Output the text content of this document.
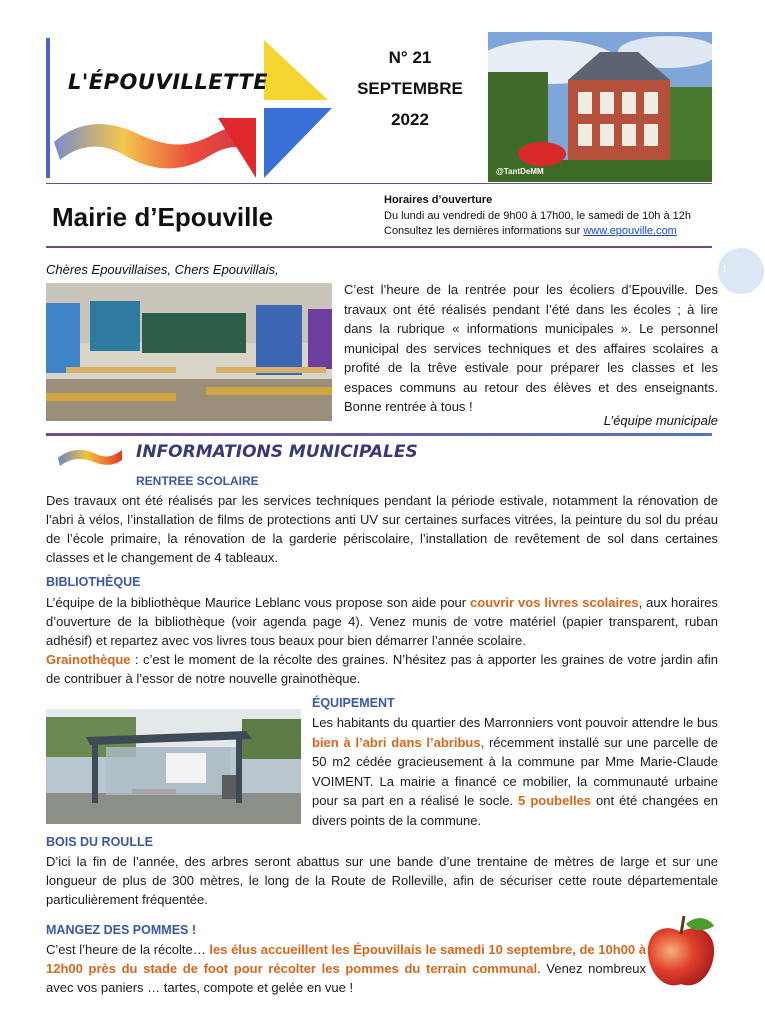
L'ÉPOUVILLETTE
N° 21
SEPTEMBRE
2022
@TantDeMM
Mairie d’Epouville
Horaires d’ouverture
Du lundi au vendredi de 9h00 à 17h00, le samedi de 10h à 12h
Consultez les dernières informations sur www.epouville.com
1
Chères Epouvillaises, Chers Epouvillais,
C’est l’heure de la rentrée pour les écoliers d’Epouville. Des travaux ont été réalisés pendant l’été dans les écoles ; à lire dans la rubrique « informations municipales ». Le personnel municipal des services techniques et des affaires scolaires a profité de la trêve estivale pour préparer les classes et les espaces communs au retour des élèves et des enseignants. Bonne rentrée à tous !
L’équipe municipale
INFORMATIONS MUNICIPALES
RENTREE SCOLAIRE
Des travaux ont été réalisés par les services techniques pendant la période estivale, notamment la rénovation de l’abri à vélos, l’installation de films de protections anti UV sur certaines surfaces vitrées, la peinture du sol du préau de l’école primaire, la rénovation de la garderie périscolaire, l’installation de revêtement de sol dans certaines classes et le changement de 4 tableaux.
BIBLIOTHÈQUE
L’équipe de la bibliothèque Maurice Leblanc vous propose son aide pour couvrir vos livres scolaires, aux horaires d’ouverture de la bibliothèque (voir agenda page 4). Venez munis de votre matériel (papier transparent, ruban adhésif) et repartez avec vos livres tous beaux pour bien démarrer l’année scolaire.
Grainothèque : c’est le moment de la récolte des graines. N’hésitez pas à apporter les graines de votre jardin afin de contribuer à l’essor de notre nouvelle grainothèque.
ÉQUIPEMENT
Les habitants du quartier des Marronniers vont pouvoir attendre le bus bien à l’abri dans l’abribus, récemment installé sur une parcelle de 50 m2 cédée gracieusement à la commune par Mme Marie-Claude VOIMENT. La mairie a financé ce mobilier, la communauté urbaine pour sa part en a réalisé le socle. 5 poubelles ont été changées en divers points de la commune.
BOIS DU ROULLE
D’ici la fin de l’année, des arbres seront abattus sur une bande d’une trentaine de mètres de large et sur une longueur de plus de 300 mètres, le long de la Route de Rolleville, afin de sécuriser cette route départementale particulièrement fréquentée.
MANGEZ DES POMMES !
C’est l’heure de la récolte… les élus accueillent les Épouvillais le samedi 10 septembre, de 10h00 à 12h00 près du stade de foot pour récolter les pommes du terrain communal. Venez nombreux avec vos paniers … tartes, compote et gelée en vue !
